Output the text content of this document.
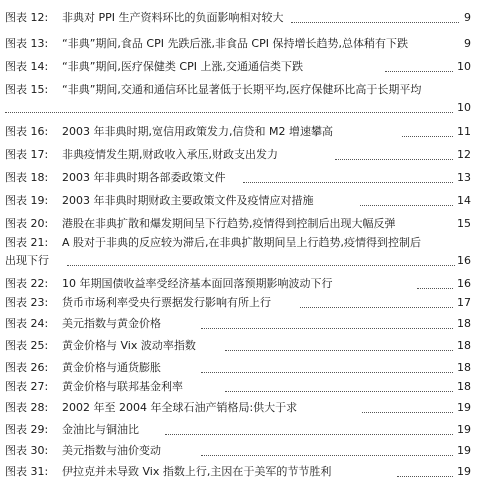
图表 12:	非典对 PPI 生产资料环比的负面影响相对较大	9
图表 13:	“非典”期间,食品 CPI 先跌后涨,非食品 CPI 保持增长趋势,总体稍有下跌	9
图表 14:	“非典”期间,医疗保健类 CPI 上涨,交通通信类下跌	10
图表 15:	“非典”期间,交通和通信环比显著低于长期平均,医疗保健环比高于长期平均
10
图表 16:	2003 年非典时期,宽信用政策发力,信贷和 M2 增速攀高	11
图表 17:	非典疫情发生期,财政收入承压,财政支出发力	12
图表 18:	2003 年非典时期各部委政策文件	13
图表 19:	2003 年非典时期财政主要政策文件及疫情应对措施	14
图表 20:	港股在非典扩散和爆发期间呈下行趋势,疫情得到控制后出现大幅反弹	15
图表 21:	A 股对于非典的反应较为滞后,在非典扩散期间呈上行趋势,疫情得到控制后
出现下行	16
图表 22:	10 年期国债收益率受经济基本面回落预期影响波动下行	16
图表 23:	货币市场利率受央行票据发行影响有所上行	17
图表 24:	美元指数与黄金价格	18
图表 25:	黄金价格与 Vix 波动率指数	18
图表 26:	黄金价格与通货膨胀	18
图表 27:	黄金价格与联邦基金利率	18
图表 28:	2002 年至 2004 年全球石油产销格局:供大于求	19
图表 29:	金油比与铜油比	19
图表 30:	美元指数与油价变动	19
图表 31:	伊拉克并未导致 Vix 指数上行,主因在于美军的节节胜利	19
